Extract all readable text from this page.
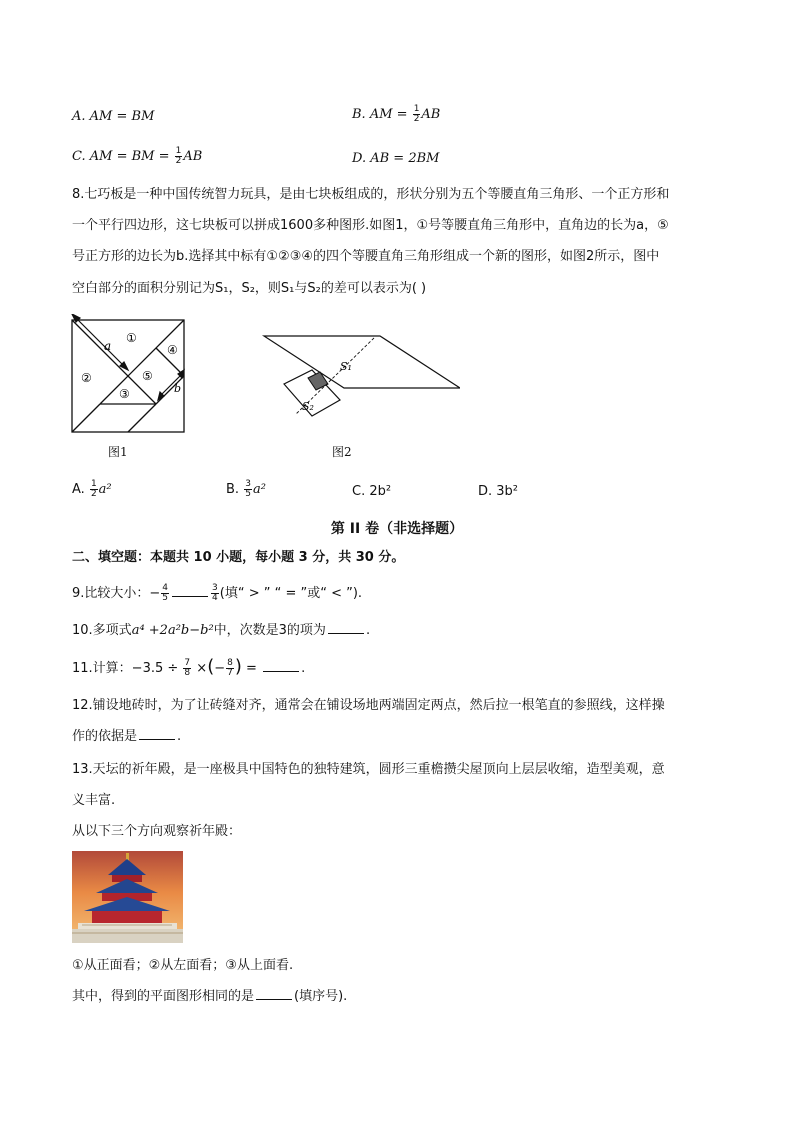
A. AM = BM	B. AM = $\frac{1}{2}$ AB
C. AM = BM = $\frac{1}{2}$ AB	D. AB = 2BM
8.七巧板是一种中国传统智力玩具，是由七块板组成的，形状分别为五个等腰直角三角形、一个正方形和
一个平行四边形，这七块板可以拼成1600多种图形.如图1，①号等腰直角三角形中，直角边的长为a，⑤
号正方形的边长为b.选择其中标有①②③④的四个等腰直角三角形组成一个新的图形，如图2所示，图中
空白部分的面积分别记为S₁，S₂，则S₁与S₂的差可以表示为( )
①
②
③
④
⑤
a
b
图1
S₁
S₂
图2
A. $\frac{1}{2} a^2$	B. $\frac{3}{5} a^2$	C. 2b²	D. 3b²
第 II 卷（非选择题）
二、填空题：本题共 10 小题，每小题 3 分，共 30 分。
9.比较大小：− $\frac{4}{5}$	$\frac{3}{4}$ (填“ > ” “ = ”或“ < ”).
10.多项式a⁴ +2a²b−b²中，次数是3的项为	.
11.计算：$-3.5 \div \frac{7}{8}$ ×(− $\frac{8}{7}$ ) =	.
12.铺设地砖时，为了让砖缝对齐，通常会在铺设场地两端固定两点，然后拉一根笔直的参照线，这样操
作的依据是	.
13.天坛的祈年殿，是一座极具中国特色的独特建筑，圆形三重檐攒尖屋顶向上层层收缩，造型美观，意
义丰富.
从以下三个方向观察祈年殿：
①从正面看；②从左面看；③从上面看.
其中，得到的平面图形相同的是	(填序号).
